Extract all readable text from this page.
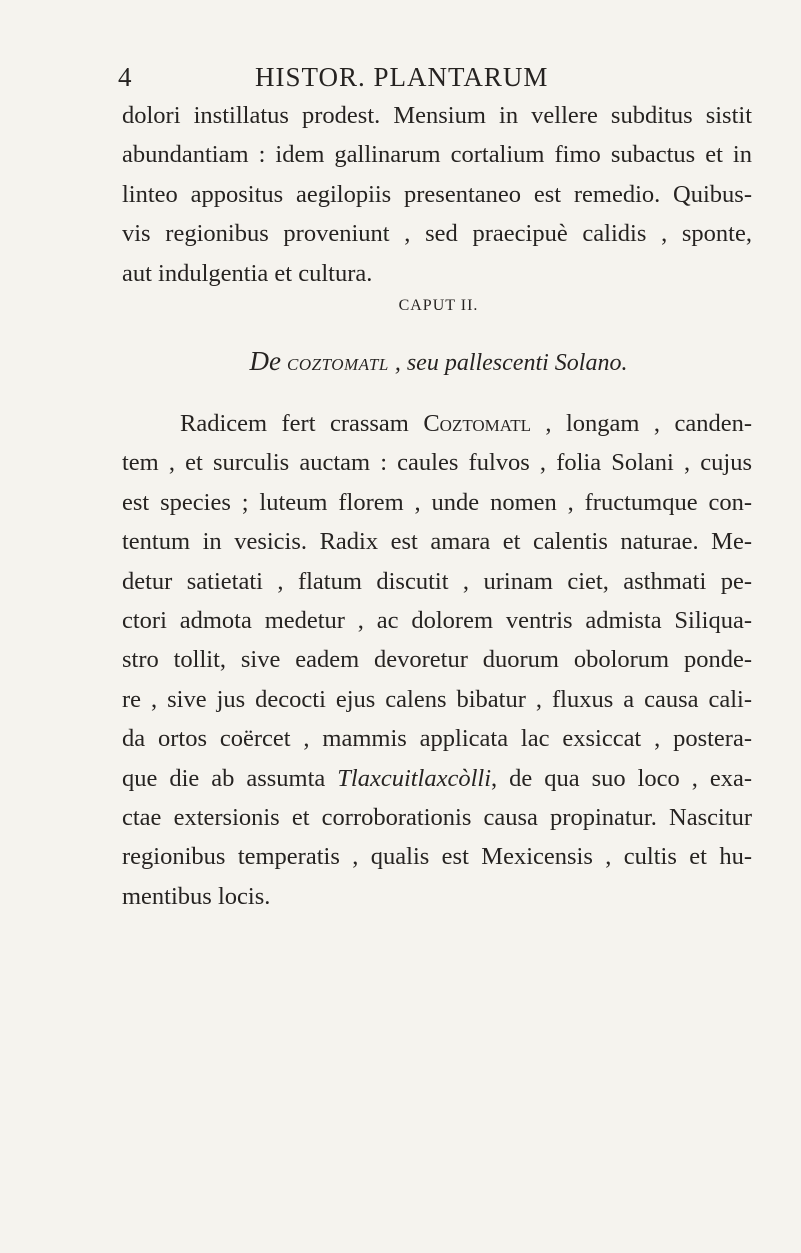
4	HISTOR. PLANTARUM
dolori instillatus prodest. Mensium in vellere subditus sistit
abundantiam : idem gallinarum cortalium fimo subactus et in
linteo appositus aegilopiis presentaneo est remedio. Quibus-
vis regionibus proveniunt , sed praecipuè calidis , sponte,
aut indulgentia et cultura.
CAPUT II.
De coztomatl , seu pallescenti Solano.
Radicem fert crassam Coztomatl , longam , canden-
tem , et surculis auctam : caules fulvos , folia Solani , cujus
est species ; luteum florem , unde nomen , fructumque con-
tentum in vesicis. Radix est amara et calentis naturae. Me-
detur satietati , flatum discutit , urinam ciet, asthmati pe-
ctori admota medetur , ac dolorem ventris admista Siliqua-
stro tollit, sive eadem devoretur duorum obolorum ponde-
re , sive jus decocti ejus calens bibatur , fluxus a causa cali-
da ortos coërcet , mammis applicata lac exsiccat , postera-
que die ab assumta Tlaxcuitlaxcòlli, de qua suo loco , exa-
ctae extersionis et corroborationis causa propinatur. Nascitur
regionibus temperatis , qualis est Mexicensis , cultis et hu-
mentibus locis.
